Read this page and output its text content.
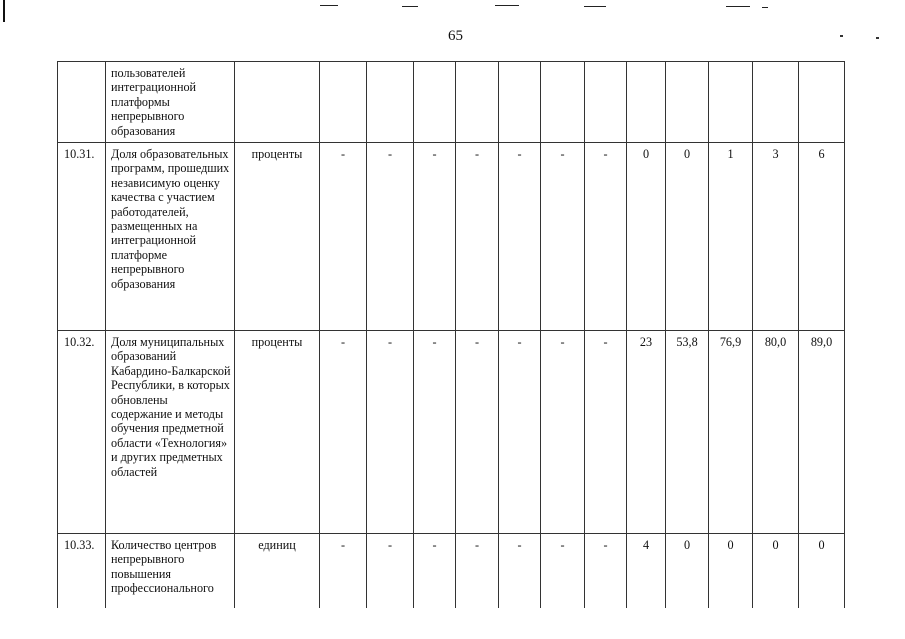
65
	пользователей интеграционной платформы непрерывного образования													
10.31.	Доля образовательных программ, прошедших независимую оценку качества с участием работодателей, размещенных на интеграционной платформе непрерывного образования	проценты	-	-	-	-	-	-	-	0	0	1	3	6
10.32.	Доля муниципальных образований Кабардино-Балкарской Республики, в которых обновлены содержание и методы обучения предметной области «Технология» и других предметных областей	проценты	-	-	-	-	-	-	-	23	53,8	76,9	80,0	89,0
10.33.	Количество центров непрерывного повышения профессионального	единиц	-	-	-	-	-	-	-	4	0	0	0	0
